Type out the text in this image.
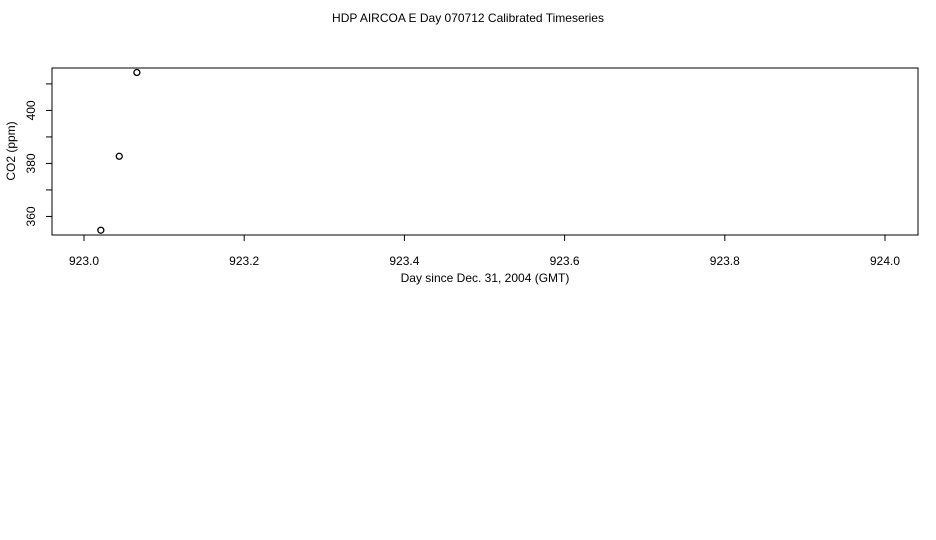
HDP AIRCOA E Day 070712 Calibrated Timeseries
923.0	923.2	923.4	923.6	923.8	924.0
360
380
400
Day since Dec. 31, 2004 (GMT)
CO2 (ppm)
